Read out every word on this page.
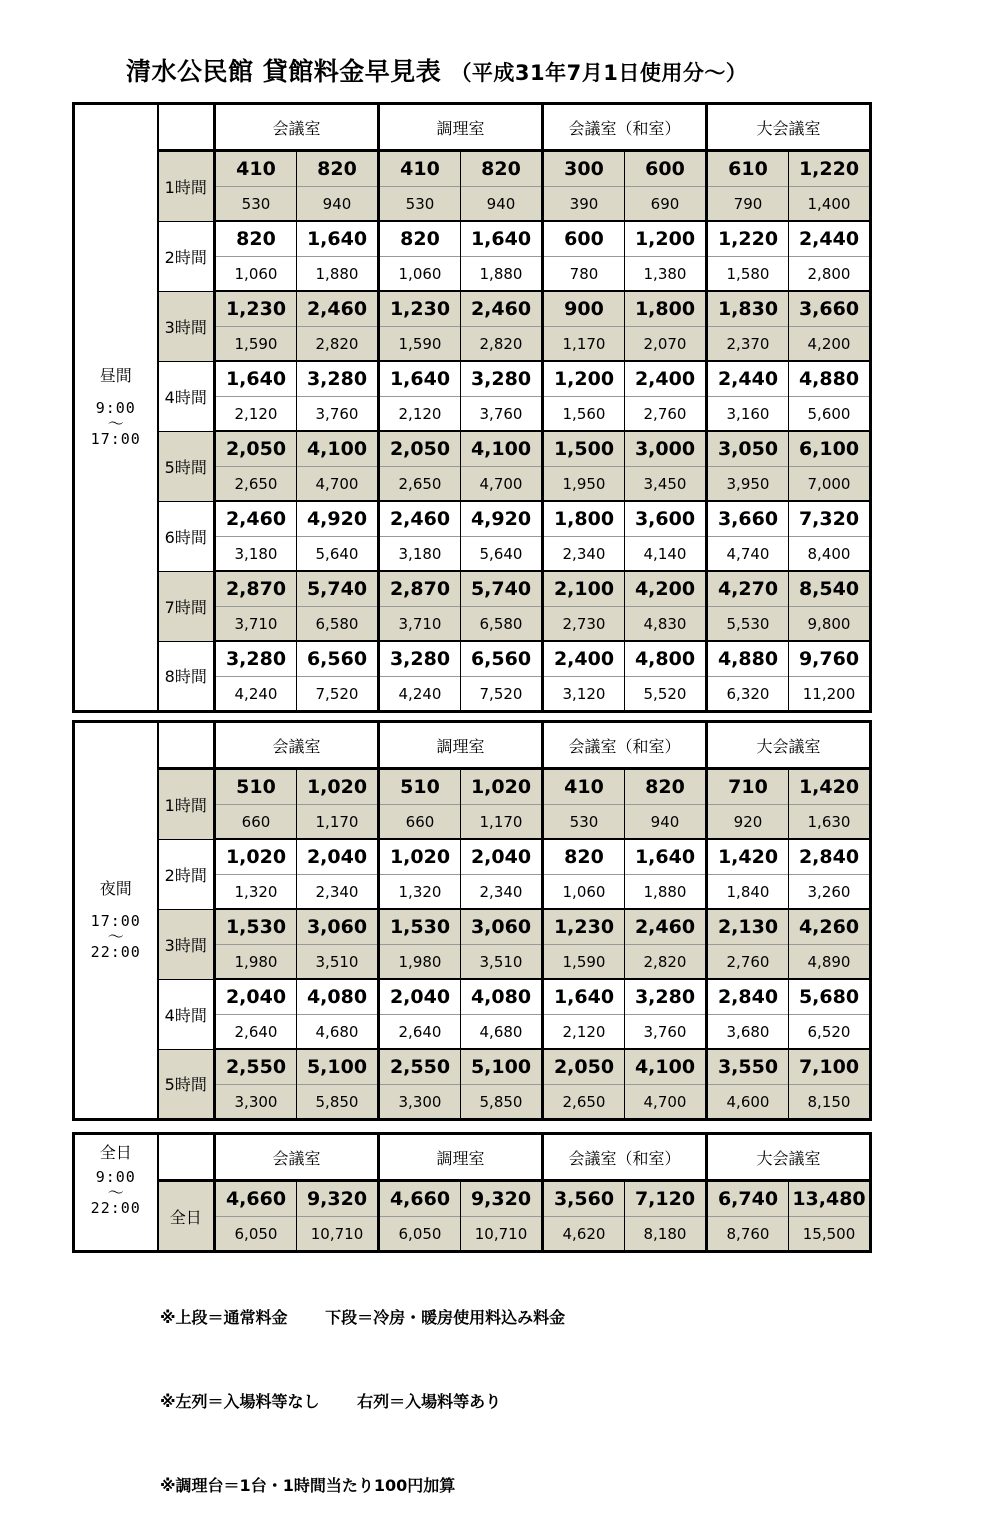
清水公民館 貸館料金早見表 （平成31年7月1日使用分～）
昼間
9:00
～
17:00		会議室		調理室		会議室（和室）		大会議室	
	1時間	410	820	410	820	300	600	610	1,220
		530	940	530	940	390	690	790	1,400
	2時間	820	1,640	820	1,640	600	1,200	1,220	2,440
		1,060	1,880	1,060	1,880	780	1,380	1,580	2,800
	3時間	1,230	2,460	1,230	2,460	900	1,800	1,830	3,660
		1,590	2,820	1,590	2,820	1,170	2,070	2,370	4,200
	4時間	1,640	3,280	1,640	3,280	1,200	2,400	2,440	4,880
		2,120	3,760	2,120	3,760	1,560	2,760	3,160	5,600
	5時間	2,050	4,100	2,050	4,100	1,500	3,000	3,050	6,100
		2,650	4,700	2,650	4,700	1,950	3,450	3,950	7,000
	6時間	2,460	4,920	2,460	4,920	1,800	3,600	3,660	7,320
		3,180	5,640	3,180	5,640	2,340	4,140	4,740	8,400
	7時間	2,870	5,740	2,870	5,740	2,100	4,200	4,270	8,540
		3,710	6,580	3,710	6,580	2,730	4,830	5,530	9,800
	8時間	3,280	6,560	3,280	6,560	2,400	4,800	4,880	9,760
		4,240	7,520	4,240	7,520	3,120	5,520	6,320	11,200
夜間
17:00
～
22:00		会議室		調理室		会議室（和室）		大会議室	
	1時間	510	1,020	510	1,020	410	820	710	1,420
		660	1,170	660	1,170	530	940	920	1,630
	2時間	1,020	2,040	1,020	2,040	820	1,640	1,420	2,840
		1,320	2,340	1,320	2,340	1,060	1,880	1,840	3,260
	3時間	1,530	3,060	1,530	3,060	1,230	2,460	2,130	4,260
		1,980	3,510	1,980	3,510	1,590	2,820	2,760	4,890
	4時間	2,040	4,080	2,040	4,080	1,640	3,280	2,840	5,680
		2,640	4,680	2,640	4,680	2,120	3,760	3,680	6,520
	5時間	2,550	5,100	2,550	5,100	2,050	4,100	3,550	7,100
		3,300	5,850	3,300	5,850	2,650	4,700	4,600	8,150
全日
9:00
～
22:00		会議室		調理室		会議室（和室）		大会議室	
	全日	4,660	9,320	4,660	9,320	3,560	7,120	6,740	13,480
		6,050	10,710	6,050	10,710	4,620	8,180	8,760	15,500

※上段＝通常料金　　 下段＝冷房・暖房使用料込み料金

※左列＝入場料等なし　　 右列＝入場料等あり

※調理台＝1台・1時間当たり100円加算
